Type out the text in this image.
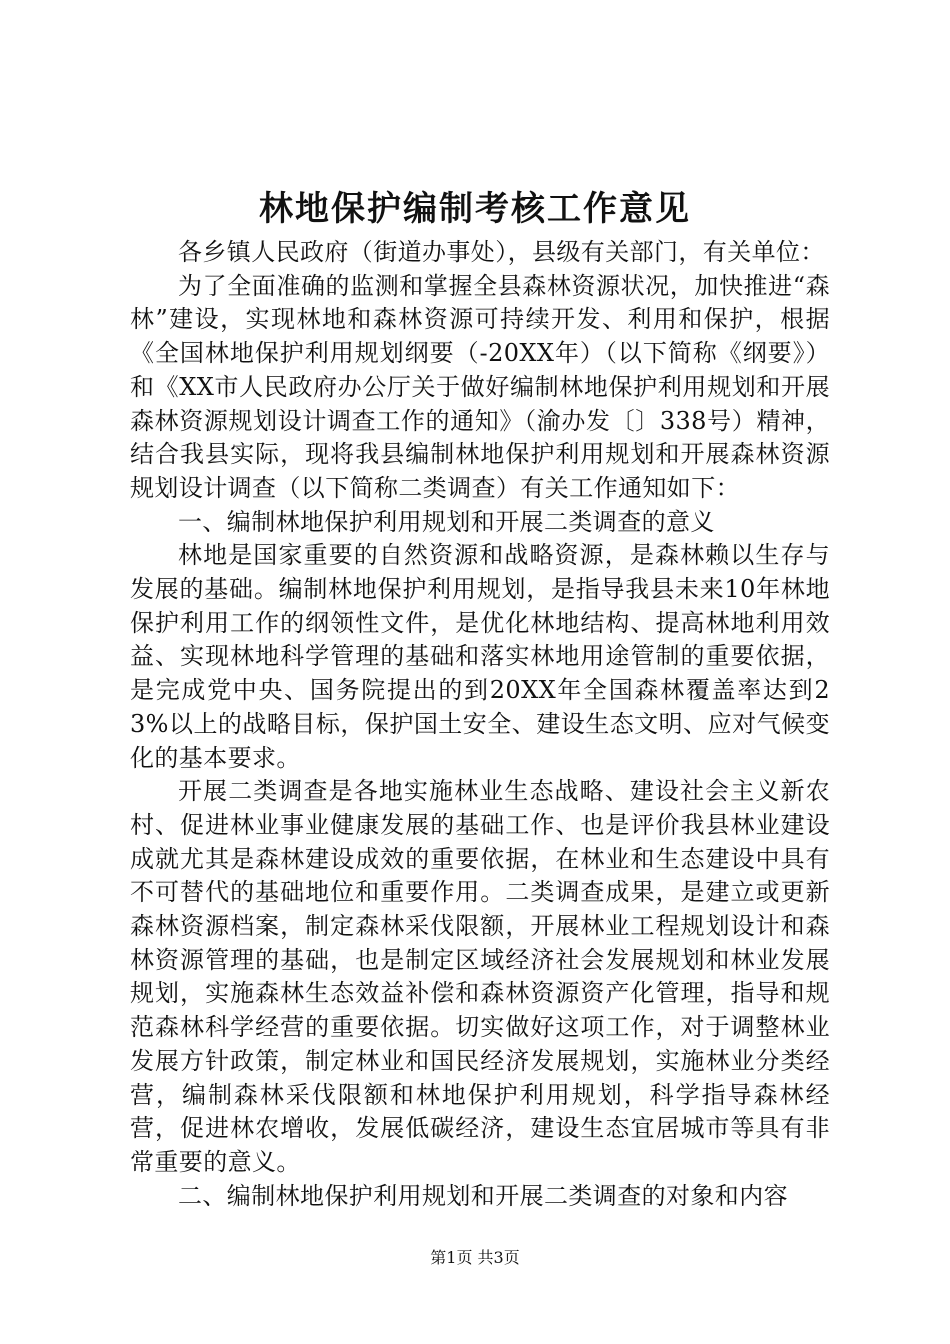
林地保护编制考核工作意见

各乡镇人民政府（街道办事处），县级有关部门，有关单位：

为了全面准确的监测和掌握全县森林资源状况，加快推进“森林”建设，实现林地和森林资源可持续开发、利用和保护，根据《全国林地保护利用规划纲要（-20XX年）（以下简称《纲要》）和《XX市人民政府办公厅关于做好编制林地保护利用规划和开展森林资源规划设计调查工作的通知》（渝办发〔〕338号）精神，结合我县实际，现将我县编制林地保护利用规划和开展森林资源规划设计调查（以下简称二类调查）有关工作通知如下：

一、编制林地保护利用规划和开展二类调查的意义

林地是国家重要的自然资源和战略资源，是森林赖以生存与发展的基础。编制林地保护利用规划，是指导我县未来10年林地保护利用工作的纲领性文件，是优化林地结构、提高林地利用效益、实现林地科学管理的基础和落实林地用途管制的重要依据，是完成党中央、国务院提出的到20XX年全国森林覆盖率达到23%以上的战略目标，保护国土安全、建设生态文明、应对气候变化的基本要求。

开展二类调查是各地实施林业生态战略、建设社会主义新农村、促进林业事业健康发展的基础工作、也是评价我县林业建设成就尤其是森林建设成效的重要依据，在林业和生态建设中具有不可替代的基础地位和重要作用。二类调查成果，是建立或更新森林资源档案，制定森林采伐限额，开展林业工程规划设计和森林资源管理的基础，也是制定区域经济社会发展规划和林业发展规划，实施森林生态效益补偿和森林资源资产化管理，指导和规范森林科学经营的重要依据。切实做好这项工作，对于调整林业发展方针政策，制定林业和国民经济发展规划，实施林业分类经营，编制森林采伐限额和林地保护利用规划，科学指导森林经营，促进林农增收，发展低碳经济，建设生态宜居城市等具有非常重要的意义。

二、编制林地保护利用规划和开展二类调查的对象和内容

第1页 共3页
